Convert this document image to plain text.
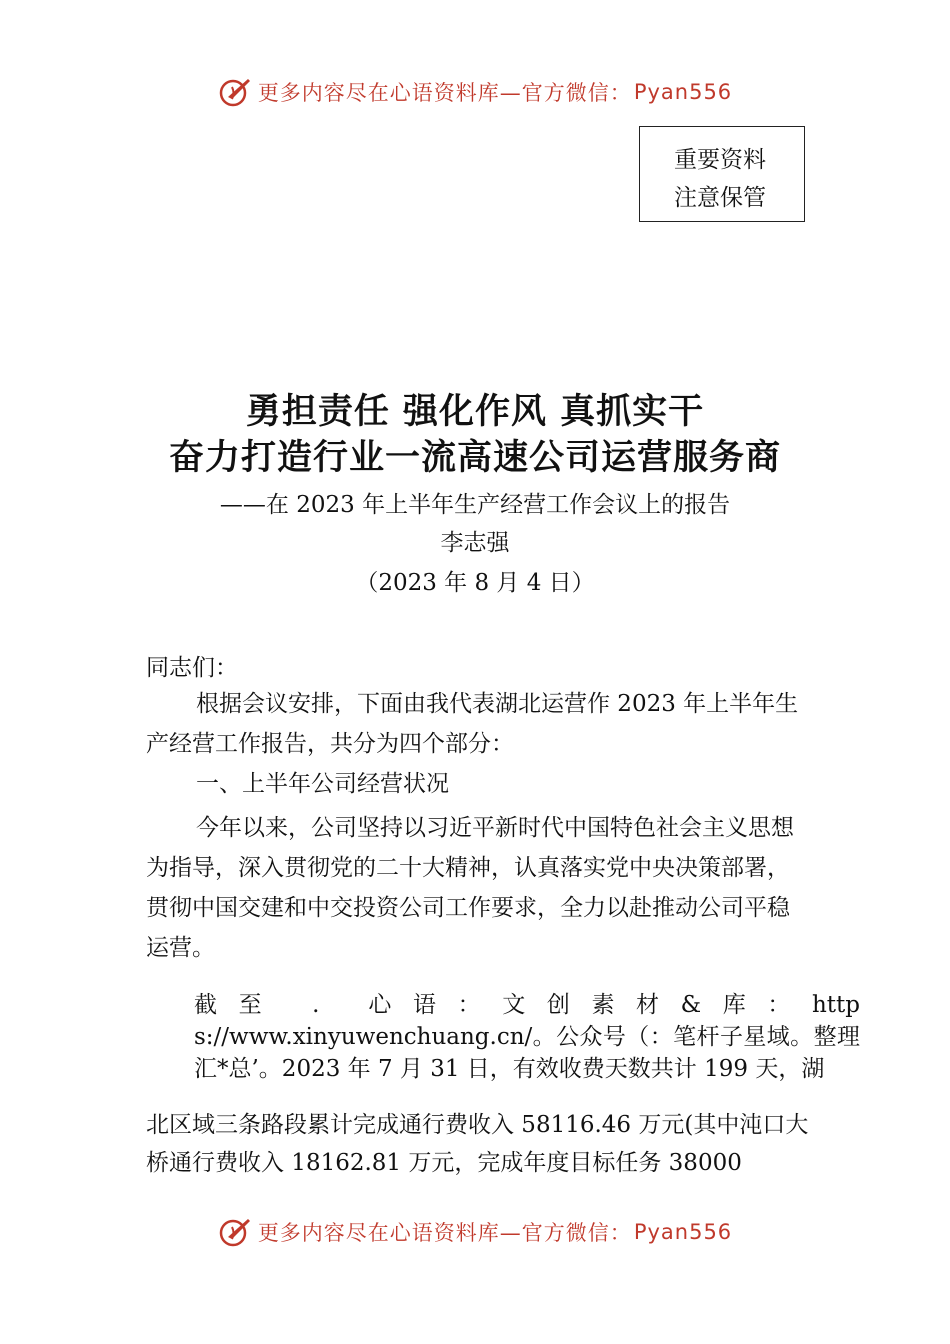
更多内容尽在心语资料库—官方微信： Pyan556
重要资料注意保管
勇担责任 强化作风 真抓实干
奋力打造行业一流高速公司运营服务商
——在 2023 年上半年生产经营工作会议上的报告
李志强
（2023 年 8 月 4 日）

同志们：

根据会议安排，下面由我代表湖北运营作 2023 年上半年生产经营工作报告，共分为四个部分：

一、上半年公司经营状况

今年以来，公司坚持以习近平新时代中国特色社会主义思想为指导，深入贯彻党的二十大精神，认真落实党中央决策部署，贯彻中国交建和中交投资公司工作要求，全力以赴推动公司平稳运营。

截至 . 心语：文创素材&库：https://www.xinyuwenchuang.cn/。公众号（：笔杆子星域。整理汇*总’。2023 年 7 月 31 日，有效收费天数共计 199 天，湖

北区域三条路段累计完成通行费收入 58116.46 万元(其中沌口大桥通行费收入 18162.81 万元，完成年度目标任务 38000

更多内容尽在心语资料库—官方微信： Pyan556
